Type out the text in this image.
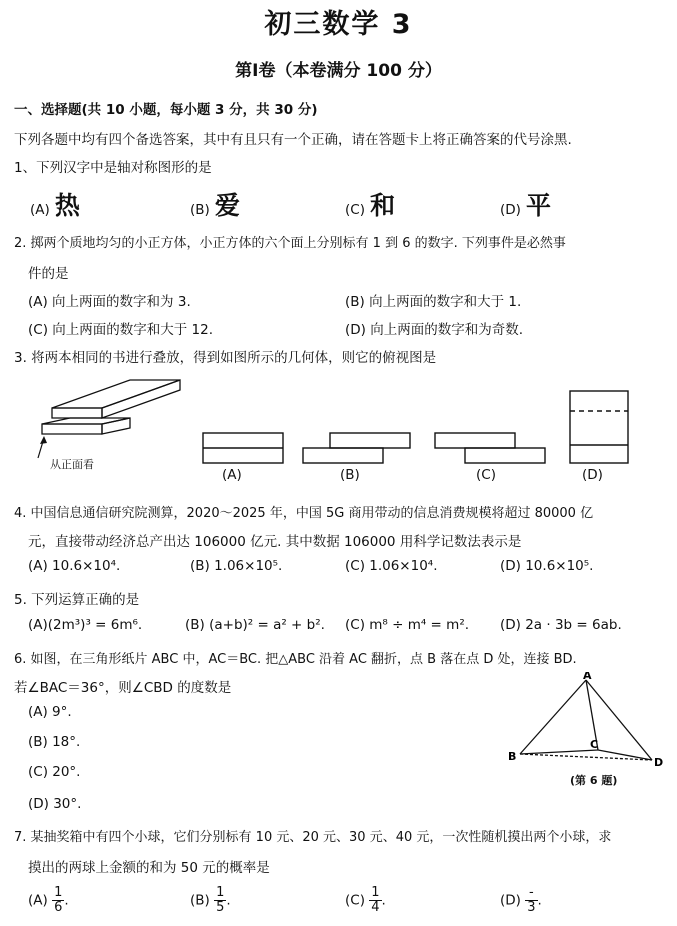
初三数学 3
第Ⅰ卷（本卷满分 100 分）
一、选择题(共 10 小题，每小题 3 分，共 30 分)
下列各题中均有四个备选答案，其中有且只有一个正确，请在答题卡上将正确答案的代号涂黑.
1、下列汉字中是轴对称图形的是
(A) 热	(B) 爱	(C) 和	(D) 平
2. 掷两个质地均匀的小正方体，小正方体的六个面上分别标有 1 到 6 的数字. 下列事件是必然事
件的是
(A) 向上两面的数字和为 3.	(B) 向上两面的数字和大于 1.
(C) 向上两面的数字和大于 12.	(D) 向上两面的数字和为奇数.
3. 将两本相同的书进行叠放，得到如图所示的几何体，则它的俯视图是
从正面看
(A)	(B)	(C)	(D)
4. 中国信息通信研究院测算，2020～2025 年，中国 5G 商用带动的信息消费规模将超过 80000 亿
元，直接带动经济总产出达 106000 亿元. 其中数据 106000 用科学记数法表示是
(A) 10.6×10⁴.	(B) 1.06×10⁵.	(C) 1.06×10⁴.	(D) 10.6×10⁵.
5. 下列运算正确的是
(A)(2m³)³ = 6m⁶.	(B) (a+b)² = a² + b². (C) m⁸ ÷ m⁴ = m². (D) 2a · 3b = 6ab.
6. 如图，在三角形纸片 ABC 中，AC＝BC. 把△ABC 沿着 AC 翻折，点 B 落在点 D 处，连接 BD.
若∠BAC＝36°，则∠CBD 的度数是
(A) 9°.
(B) 18°.
(C) 20°.
(D) 30°.
A
B
C
D
(第 6 题)
7. 某抽奖箱中有四个小球，它们分别标有 10 元、20 元、30 元、40 元，一次性随机摸出两个小球，求
摸出的两球上金额的和为 50 元的概率是
$(A) \frac{1}{6}$ .	$(B) \frac{1}{5}$ .	$(C) \frac{1}{4}$ .	$(D) \frac{-}{3}$ .
